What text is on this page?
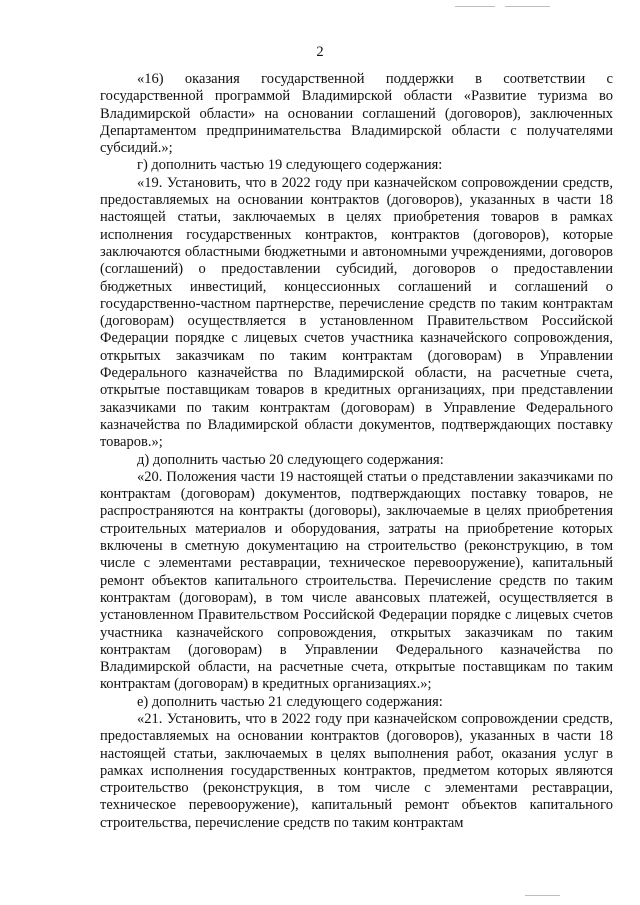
2

«16) оказания государственной поддержки в соответствии с государственной программой Владимирской области «Развитие туризма во Владимирской области» на основании соглашений (договоров), заключенных Департаментом предпринимательства Владимирской области с получателями субсидий.»;

г) дополнить частью 19 следующего содержания:

«19. Установить, что в 2022 году при казначейском сопровождении средств, предоставляемых на основании контрактов (договоров), указанных в части 18 настоящей статьи, заключаемых в целях приобретения товаров в рамках исполнения государственных контрактов, контрактов (договоров), которые заключаются областными бюджетными и автономными учреждениями, договоров (соглашений) о предоставлении субсидий, договоров о предоставлении бюджетных инвестиций, концессионных соглашений и соглашений о государственно-частном партнерстве, перечисление средств по таким контрактам (договорам) осуществляется в установленном Правительством Российской Федерации порядке с лицевых счетов участника казначейского сопровождения, открытых заказчикам по таким контрактам (договорам) в Управлении Федерального казначейства по Владимирской области, на расчетные счета, открытые поставщикам товаров в кредитных организациях, при представлении заказчиками по таким контрактам (договорам) в Управление Федерального казначейства по Владимирской области документов, подтверждающих поставку товаров.»;

д) дополнить частью 20 следующего содержания:

«20. Положения части 19 настоящей статьи о представлении заказчиками по контрактам (договорам) документов, подтверждающих поставку товаров, не распространяются на контракты (договоры), заключаемые в целях приобретения строительных материалов и оборудования, затраты на приобретение которых включены в сметную документацию на строительство (реконструкцию, в том числе с элементами реставрации, техническое перевооружение), капитальный ремонт объектов капитального строительства. Перечисление средств по таким контрактам (договорам), в том числе авансовых платежей, осуществляется в установленном Правительством Российской Федерации порядке с лицевых счетов участника казначейского сопровождения, открытых заказчикам по таким контрактам (договорам) в Управлении Федерального казначейства по Владимирской области, на расчетные счета, открытые поставщикам по таким контрактам (договорам) в кредитных организациях.»;

е) дополнить частью 21 следующего содержания:

«21. Установить, что в 2022 году при казначейском сопровождении средств, предоставляемых на основании контрактов (договоров), указанных в части 18 настоящей статьи, заключаемых в целях выполнения работ, оказания услуг в рамках исполнения государственных контрактов, предметом которых являются строительство (реконструкция, в том числе с элементами реставрации, техническое перевооружение), капитальный ремонт объектов капитального строительства, перечисление средств по таким контрактам
